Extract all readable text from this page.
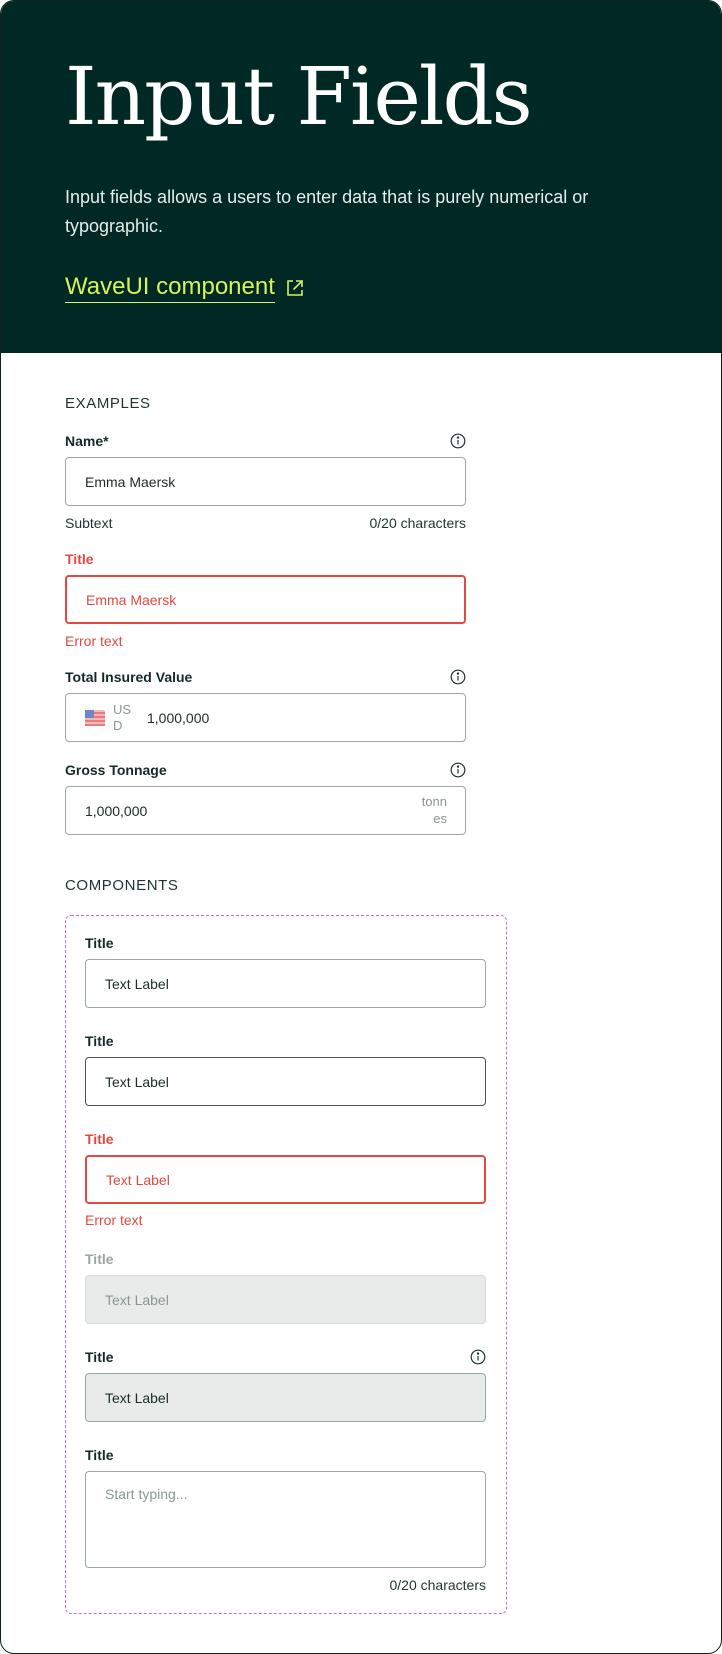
Input Fields

Input fields allows a users to enter data that is purely numerical or typographic.

WaveUI component
EXAMPLES
Name*
Emma Maersk
Subtext	0/20 characters
Title
Emma Maersk
Error text
Total Insured Value
USD	1,000,000
Gross Tonnage
1,000,000
tonnes
COMPONENTS
Title
Text Label
Title
Text Label
Title
Text Label
Error text
Title
Text Label
Title
Text Label
Title
Start typing...
0/20 characters
